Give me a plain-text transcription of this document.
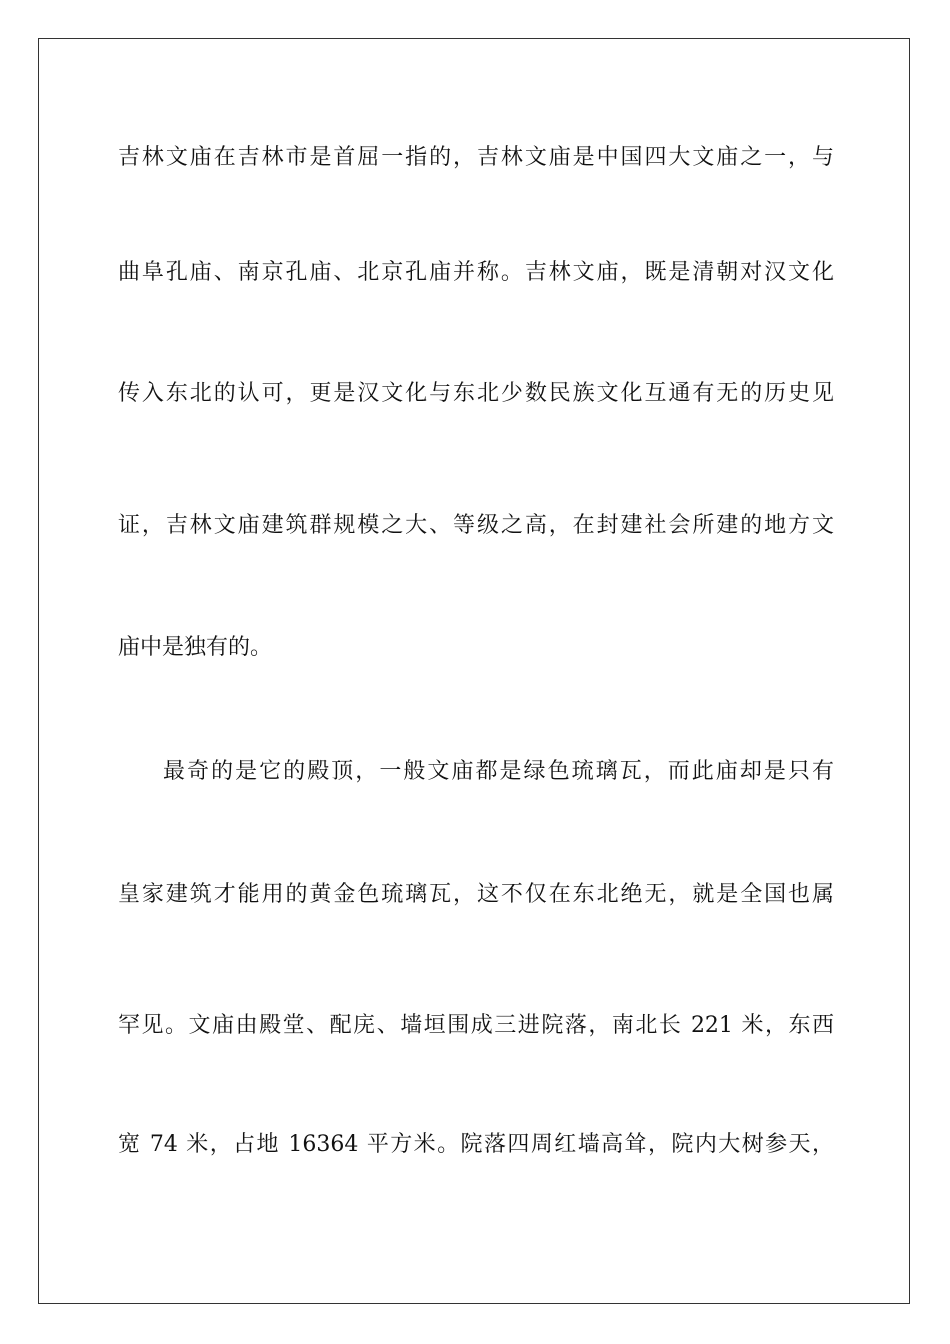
吉林文庙在吉林市是首屈一指的，吉林文庙是中国四大文庙之一，与
曲阜孔庙、南京孔庙、北京孔庙并称。吉林文庙，既是清朝对汉文化
传入东北的认可，更是汉文化与东北少数民族文化互通有无的历史见
证，吉林文庙建筑群规模之大、等级之高，在封建社会所建的地方文
庙中是独有的。
最奇的是它的殿顶，一般文庙都是绿色琉璃瓦，而此庙却是只有
皇家建筑才能用的黄金色琉璃瓦，这不仅在东北绝无，就是全国也属
罕见。文庙由殿堂、配庑、墙垣围成三进院落，南北长 221 米，东西
宽 74 米，占地 16364 平方米。院落四周红墙高耸，院内大树参天，
